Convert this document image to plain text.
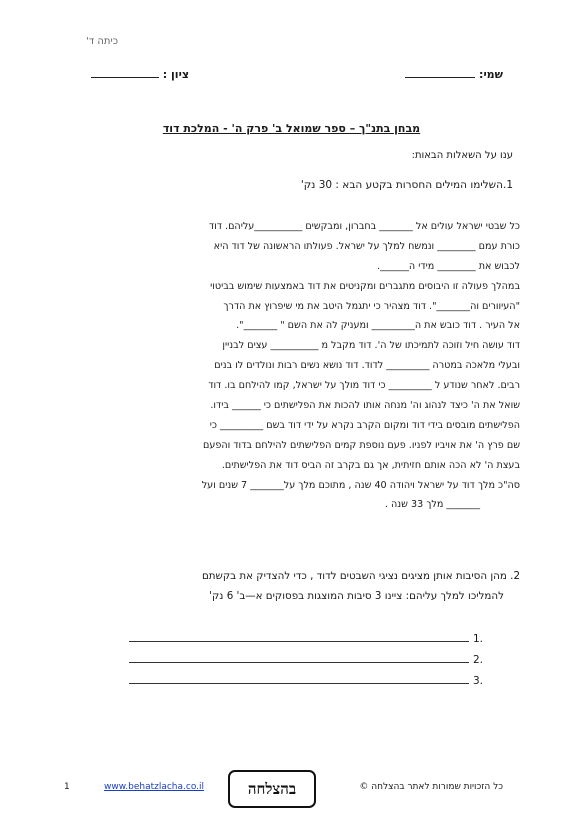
כיתה ד'
שמי:
ציון :
מבחן בתנ"ך – ספר שמואל ב' פרק ה' - המלכת דוד
ענו על השאלות הבאות:
1.השלימו המילים החסרות בקטע הבא : 30 נק'
כל שבטי ישראל עולים אל _______ בחברון, ומבקשים __________עליהם. דוד
כורת עמם ________ ונמשח למלך על ישראל. פעולתו הראשונה של דוד היא
לכבוש את ________ מידי ה______.
במהלך פעולה זו היבוסים מתגברים ומקניטים את דוד באמצעות שימוש בביטוי
"העיוורים וה_______". דוד מצהיר כי יתגמל היטב את מי שיפרוץ את הדרך
אל העיר . דוד כובש את ה_________ ומעניק לה את השם " _______".
דוד עושה חיל וזוכה לתמיכתו של ה'. דוד מקבל מ __________ עצים לבניין
ובעלי מלאכה במטרה _________ לדוד. דוד נושא נשים רבות ונולדים לו בנים
רבים. לאחר שנודע ל _________ כי דוד מולך על ישראל, קמו להילחם בו. דוד
שואל את ה' כיצד לנהוג וה' מנחה אותו להכות את הפלישתים כי ______ בידו.
הפלישתים מובסים בידי דוד ומקום הקרב נקרא על ידי דוד בשם _________ כי
שם פרץ ה' את אויביו לפניו. פעם נוספת קמים הפלישתים להילחם בדוד והפעם
בעצת ה' לא הכה אותם חזיתית, אך גם בקרב זה הביס דוד את הפלישתים.
סה"כ מלך דוד על ישראל ויהודה 40 שנה , מתוכם מלך על_______ 7 שנים ועל
_______ מלך 33 שנה .
2. מהן הסיבות אותן מציגים נציגי השבטים לדוד , כדי להצדיק את בקשתם
להמליכו למלך עליהם: ציינו 3 סיבות המוצגות בפסוקים א—ב' 6 נק'
.1
.2
.3
1	www.behatzlacha.co.il	בהצלחה	כל הזכויות שמורות לאתר בהצלחה ©
